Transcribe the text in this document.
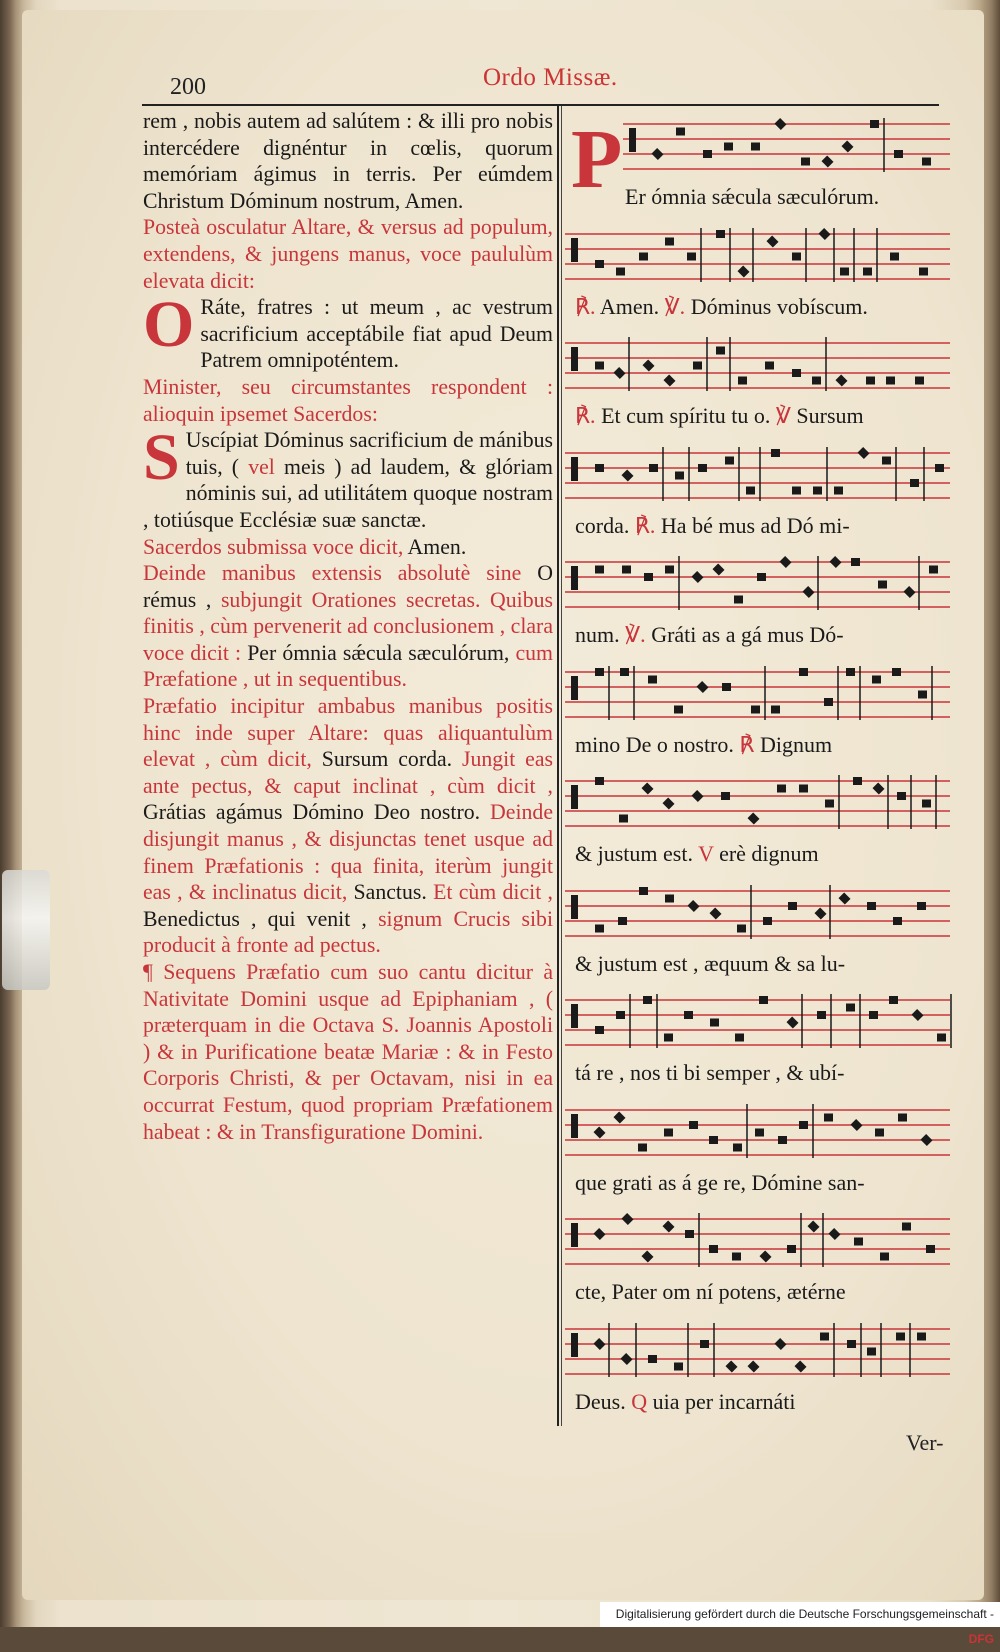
200	Ordo Missæ.

rem , nobis autem ad salútem : & illi pro nobis intercédere dignéntur in cœlis, quorum memóriam ágimus in terris. Per eúmdem Christum Dóminum nostrum, Amen.

Posteà osculatur Altare, & versus ad populum, extendens, & jungens manus, voce paululùm elevata dicit:

O Ráte, fratres : ut meum , ac vestrum sacrificium acceptábile fiat apud Deum Patrem omnipoténtem.

Minister, seu circumstantes respondent : alioquin ipsemet Sacerdos:

S Uscípiat Dóminus sacrificium de mánibus tuis, ( vel meis ) ad laudem, & glóriam nóminis sui, ad utilitátem quoque nostram , totiúsque Ecclésiæ suæ sanctæ.

Sacerdos submissa voce dicit, Amen.

Deinde manibus extensis absolutè sine O rémus , subjungit Orationes secretas. Quibus finitis , cùm pervenerit ad conclusionem , clara voce dicit : Per ómnia sǽcula sæculórum, cum Præfatione , ut in sequentibus.

Præfatio incipitur ambabus manibus positis hinc inde super Altare: quas aliquantulùm elevat , cùm dicit, Sursum corda. Jungit eas ante pectus, & caput inclinat , cùm dicit , Grátias agámus Dómino Deo nostro. Deinde disjungit manus , & disjunctas tenet usque ad finem Præfationis : qua finita, iterùm jungit eas , & inclinatus dicit, Sanctus. Et cùm dicit , Benedictus , qui venit , signum Crucis sibi producit à fronte ad pectus.

¶ Sequens Præfatio cum suo cantu dicitur à Nativitate Domini usque ad Epiphaniam , ( præterquam in die Octava S. Joannis Apostoli ) & in Purificatione beatæ Mariæ : & in Festo Corporis Christi, & per Octavam, nisi in ea occurrat Festum, quod propriam Præfationem habeat : & in Transfiguratione Domini.

P Er ómnia sǽcula sæculórum.
℟. Amen. ℣. Dóminus vobíscum.
℟. Et cum spíritu tu o. ℣ Sursum
corda. ℟. Ha bé mus ad Dó mi-
num. ℣. Gráti as a gá mus Dó-
mino De o nostro. ℟ Dignum
& justum est. V erè dignum
& justum est , æquum & sa lu-
tá re , nos ti bi semper , & ubí-
que grati as á ge re, Dómine san-
cte, Pater om ní potens, ætérne
Deus. Q uia per incarnáti
Ver-
Digitalisierung gefördert durch die Deutsche Forschungsgemeinschaft - DFG
